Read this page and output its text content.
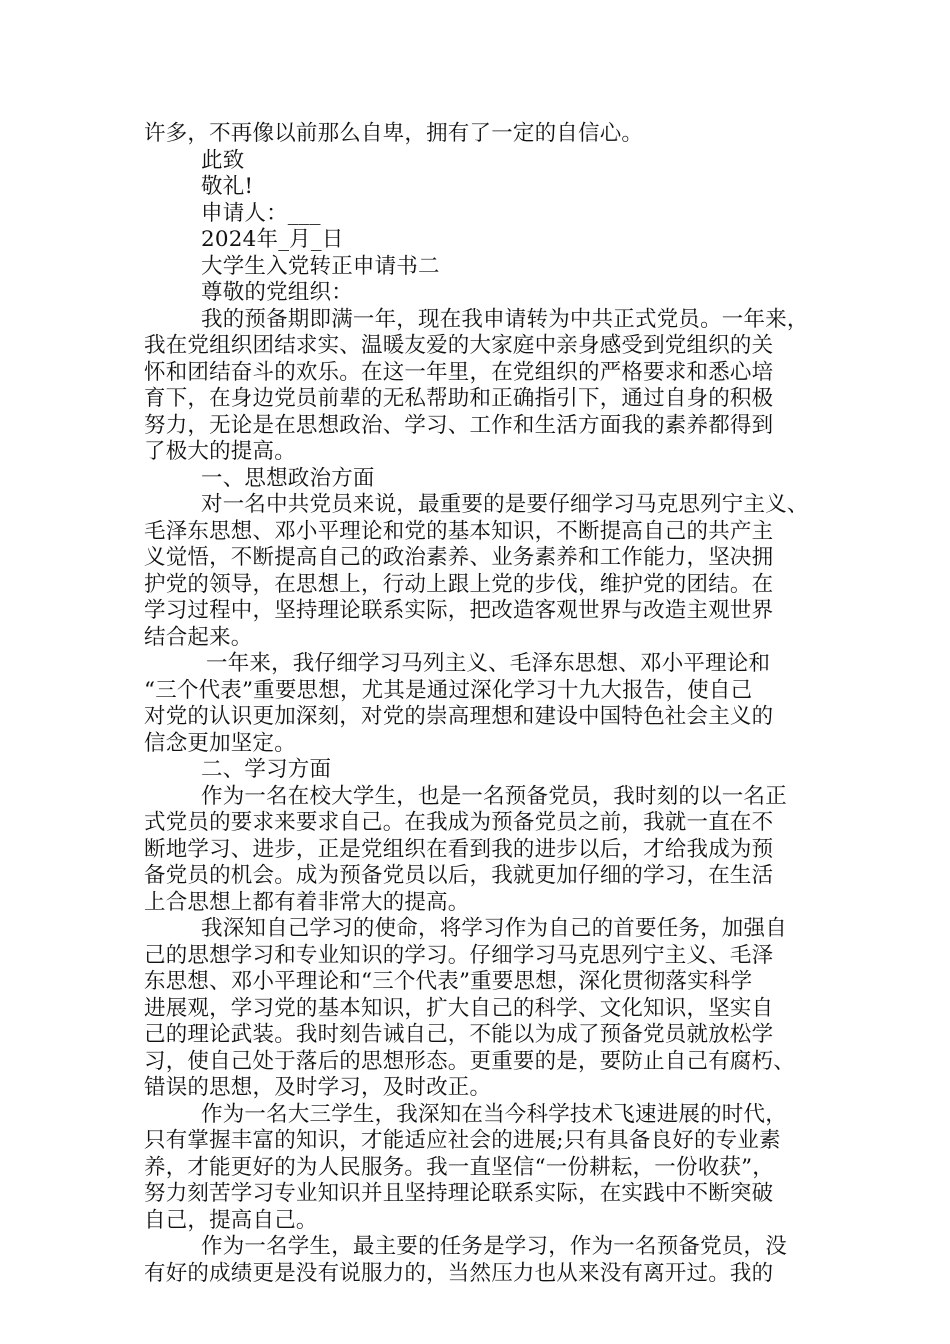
许多，不再像以前那么自卑，拥有了一定的自信心。
此致
敬礼!
申请人：___
2024年_月_日
大学生入党转正申请书二
尊敬的党组织：
我的预备期即满一年，现在我申请转为中共正式党员。一年来，
我在党组织团结求实、温暖友爱的大家庭中亲身感受到党组织的关
怀和团结奋斗的欢乐。在这一年里，在党组织的严格要求和悉心培
育下，在身边党员前辈的无私帮助和正确指引下，通过自身的积极
努力，无论是在思想政治、学习、工作和生活方面我的素养都得到
了极大的提高。
一、思想政治方面
对一名中共党员来说，最重要的是要仔细学习马克思列宁主义、
毛泽东思想、邓小平理论和党的基本知识，不断提高自己的共产主
义觉悟，不断提高自己的政治素养、业务素养和工作能力，坚决拥
护党的领导，在思想上，行动上跟上党的步伐，维护党的团结。在
学习过程中，坚持理论联系实际，把改造客观世界与改造主观世界
结合起来。
一年来，我仔细学习马列主义、毛泽东思想、邓小平理论和
“三个代表”重要思想，尤其是通过深化学习十九大报告，使自己
对党的认识更加深刻，对党的崇高理想和建设中国特色社会主义的
信念更加坚定。
二、学习方面
作为一名在校大学生，也是一名预备党员，我时刻的以一名正
式党员的要求来要求自己。在我成为预备党员之前，我就一直在不
断地学习、进步，正是党组织在看到我的进步以后，才给我成为预
备党员的机会。成为预备党员以后，我就更加仔细的学习，在生活
上合思想上都有着非常大的提高。
我深知自己学习的使命，将学习作为自己的首要任务，加强自
己的思想学习和专业知识的学习。仔细学习马克思列宁主义、毛泽
东思想、邓小平理论和“三个代表”重要思想，深化贯彻落实科学
进展观，学习党的基本知识，扩大自己的科学、文化知识，坚实自
己的理论武装。我时刻告诫自己，不能以为成了预备党员就放松学
习，使自己处于落后的思想形态。更重要的是，要防止自己有腐朽、
错误的思想，及时学习，及时改正。
作为一名大三学生，我深知在当今科学技术飞速进展的时代，
只有掌握丰富的知识，才能适应社会的进展;只有具备良好的专业素
养，才能更好的为人民服务。我一直坚信“一份耕耘，一份收获”，
努力刻苦学习专业知识并且坚持理论联系实际，在实践中不断突破
自己，提高自己。
作为一名学生，最主要的任务是学习，作为一名预备党员，没
有好的成绩更是没有说服力的，当然压力也从来没有离开过。我的
